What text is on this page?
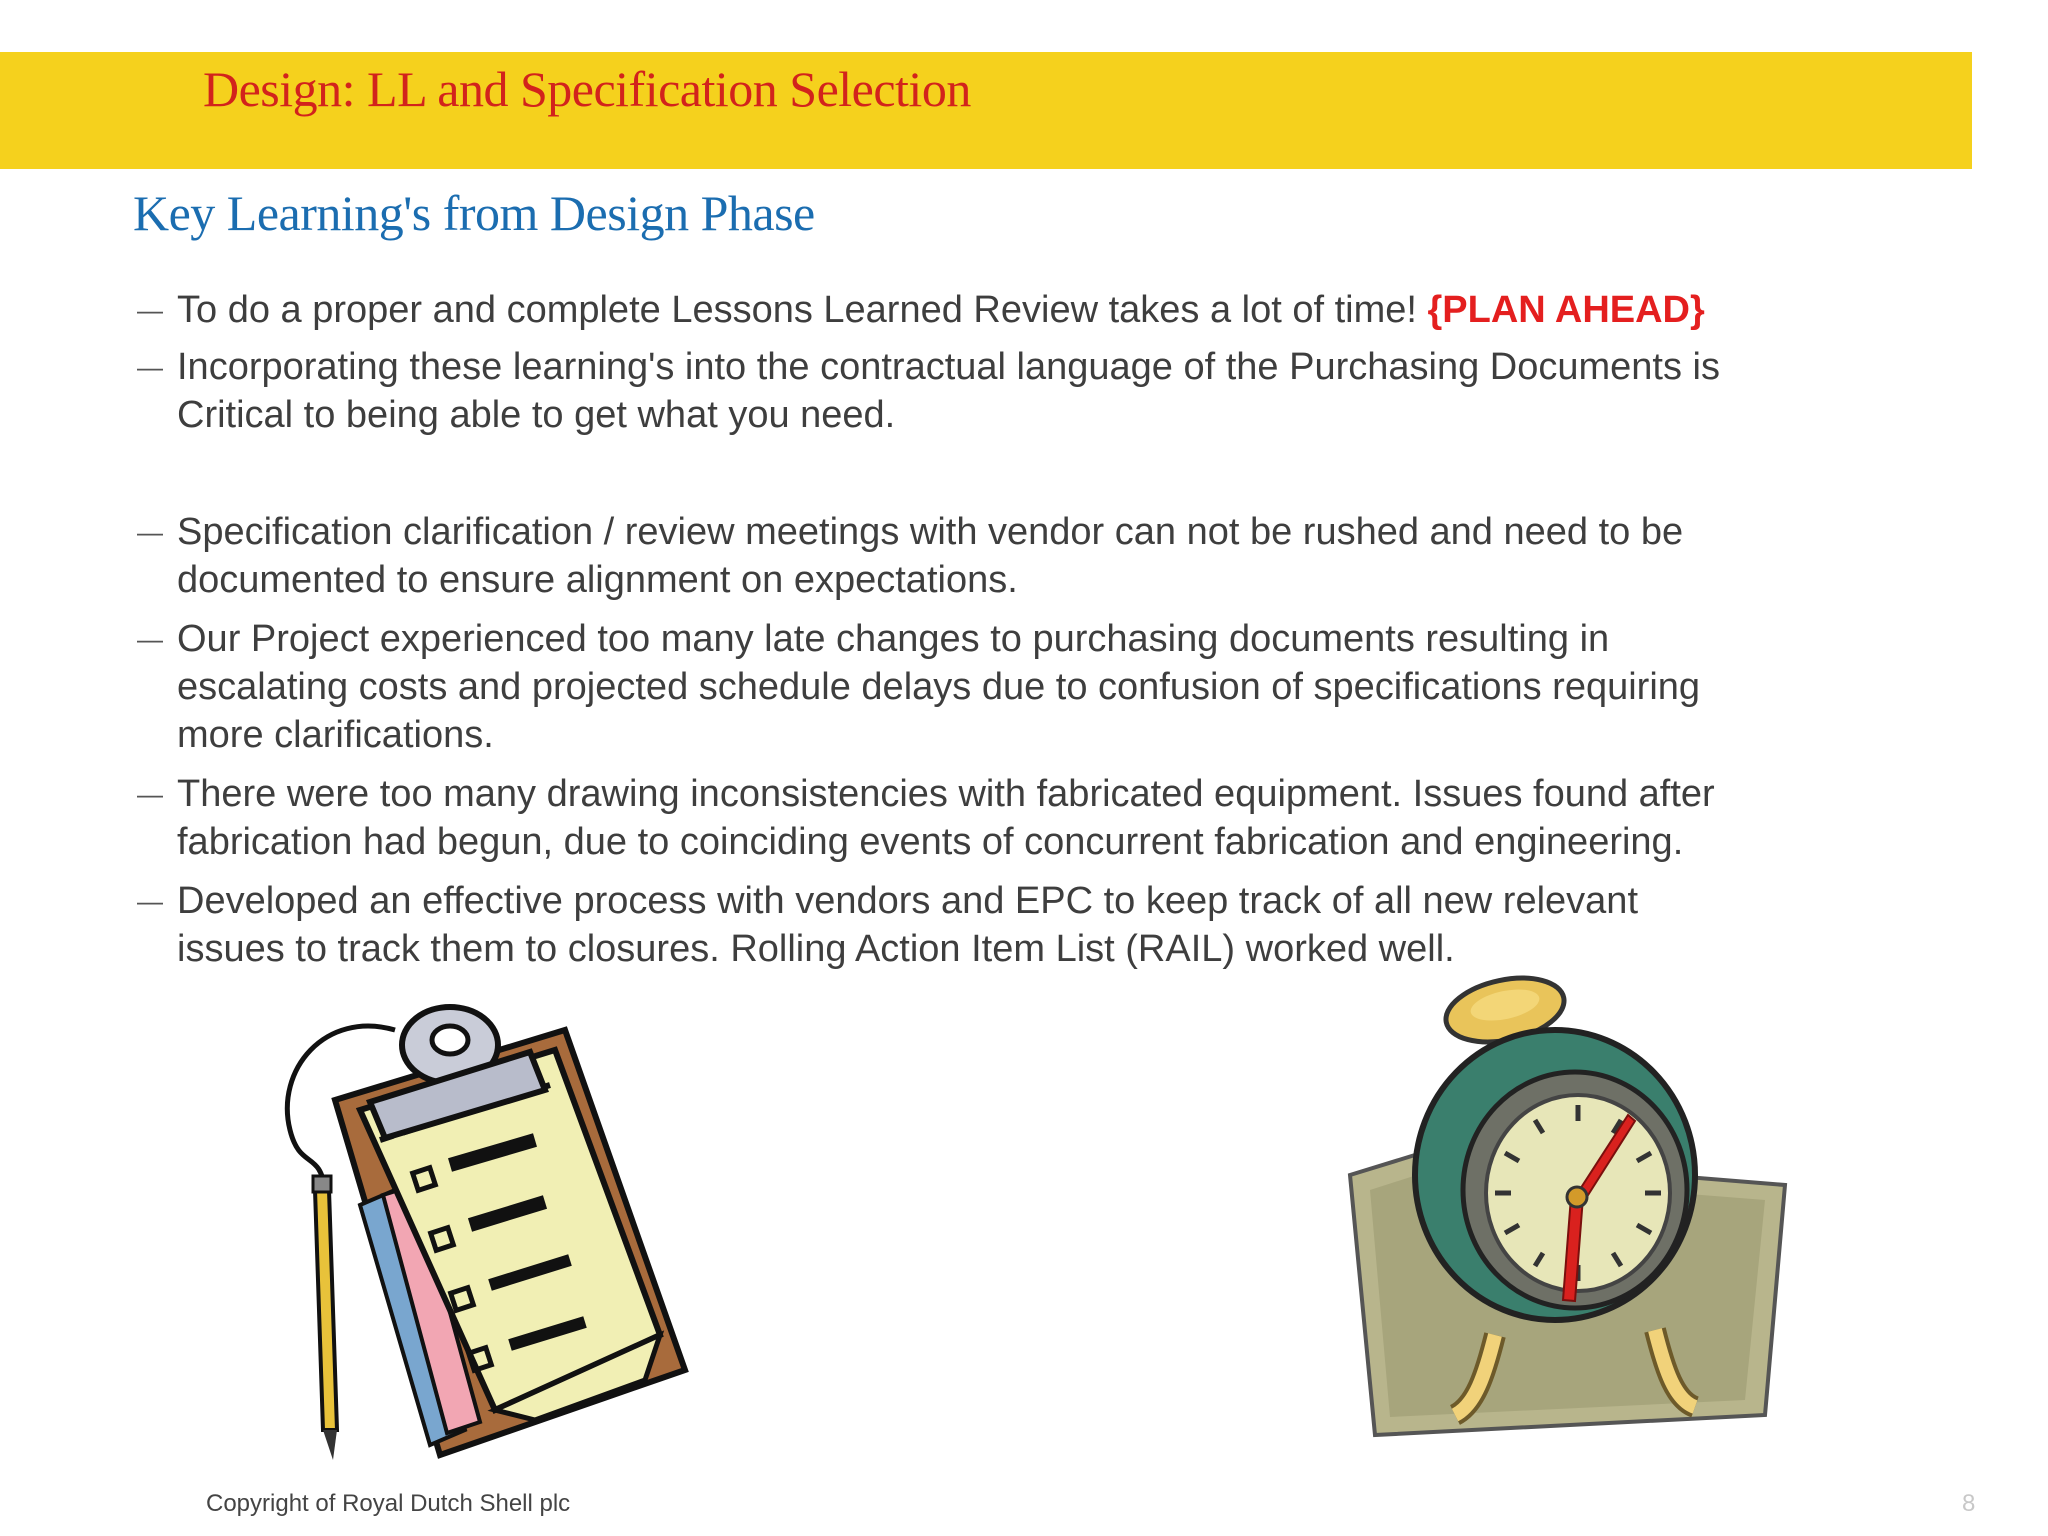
Design: LL and Specification Selection
Key Learning's from Design Phase
— To do a proper and complete Lessons Learned Review takes a lot of time! {PLAN AHEAD}

— Incorporating these learning's into the contractual language of the Purchasing Documents is

Critical to being able to get what you need.

— Specification clarification / review meetings with vendor can not be rushed and need to be

documented to ensure alignment on expectations.

— Our Project experienced too many late changes to purchasing documents resulting in

escalating costs and projected schedule delays due to confusion of specifications requiring

more clarifications.

— There were too many drawing inconsistencies with fabricated equipment. Issues found after

fabrication had begun, due to coinciding events of concurrent fabrication and engineering.

— Developed an effective process with vendors and EPC to keep track of all new relevant

issues to track them to closures. Rolling Action Item List (RAIL) worked well.

Copyright of Royal Dutch Shell plc	8
